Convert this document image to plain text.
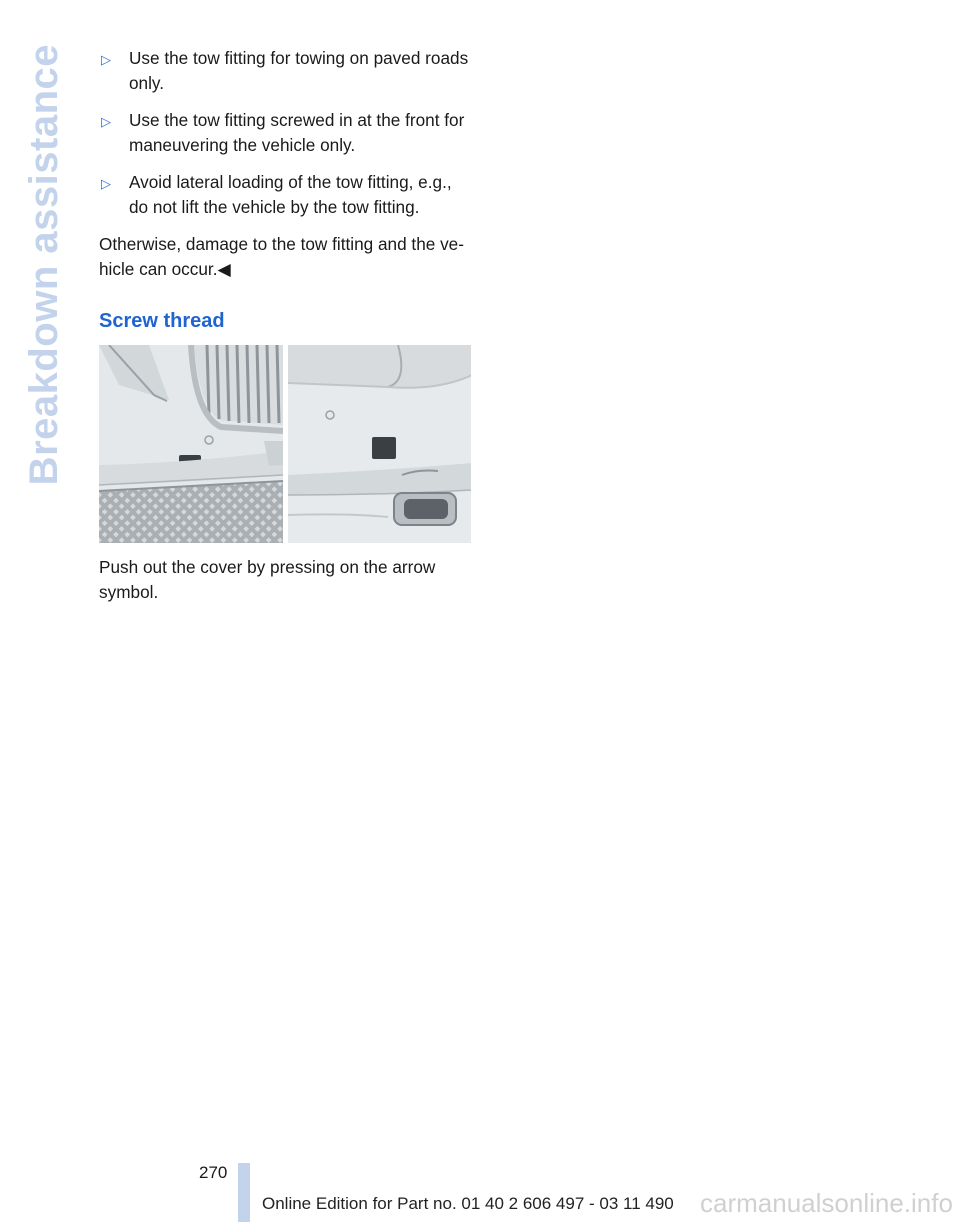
Breakdown assistance	▷ Use the tow fitting for towing on paved roads only.
▷ Use the tow fitting screwed in at the front for maneuvering the vehicle only.
▷ Avoid lateral loading of the tow fitting, e.g., do not lift the vehicle by the tow fitting.

Otherwise, damage to the tow fitting and the ve-hicle can occur.◀

Screw thread
Push out the cover by pressing on the arrow symbol.
270
Online Edition for Part no. 01 40 2 606 497 - 03 11 490 carmanualsonline.info
